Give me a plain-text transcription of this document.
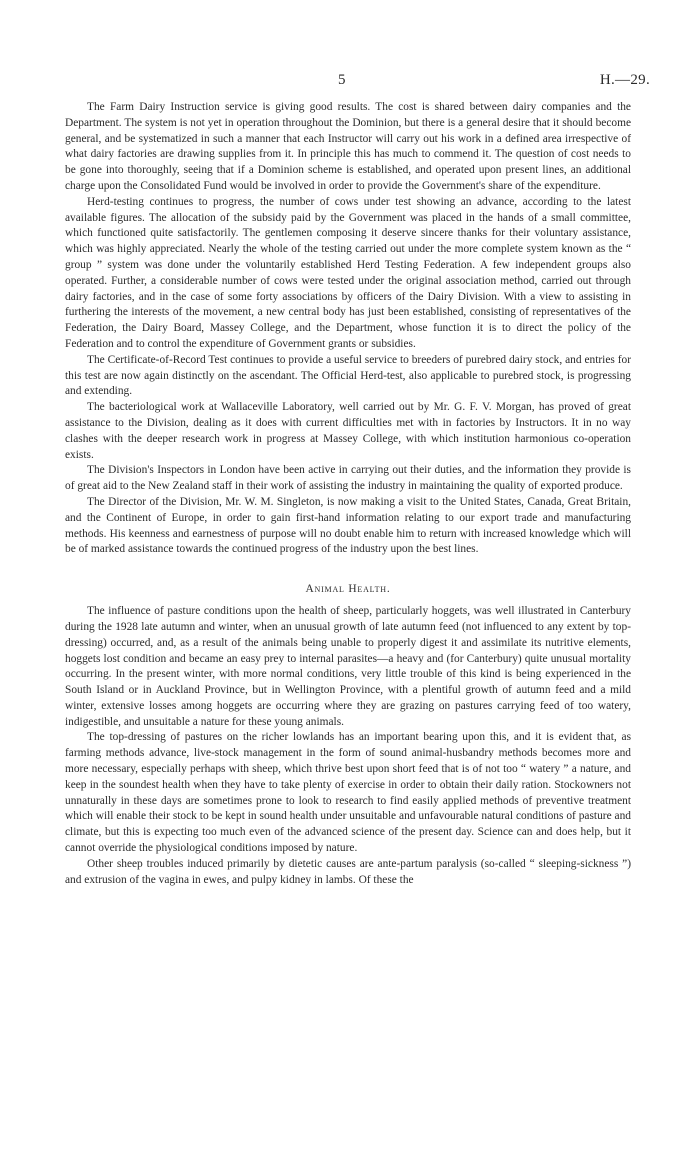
5	H.—29.

The Farm Dairy Instruction service is giving good results. The cost is shared between dairy companies and the Department. The system is not yet in operation throughout the Dominion, but there is a general desire that it should become general, and be systematized in such a manner that each Instructor will carry out his work in a defined area irrespective of what dairy factories are drawing supplies from it. In principle this has much to commend it. The question of cost needs to be gone into thoroughly, seeing that if a Dominion scheme is established, and operated upon present lines, an additional charge upon the Consolidated Fund would be involved in order to provide the Government's share of the expenditure.

Herd-testing continues to progress, the number of cows under test showing an advance, according to the latest available figures. The allocation of the subsidy paid by the Government was placed in the hands of a small committee, which functioned quite satisfactorily. The gentlemen composing it deserve sincere thanks for their voluntary assistance, which was highly appreciated. Nearly the whole of the testing carried out under the more complete system known as the “ group ” system was done under the voluntarily established Herd Testing Federation. A few independent groups also operated. Further, a considerable number of cows were tested under the original association method, carried out through dairy factories, and in the case of some forty associations by officers of the Dairy Division. With a view to assisting in furthering the interests of the movement, a new central body has just been established, consisting of representatives of the Federation, the Dairy Board, Massey College, and the Department, whose function it is to direct the policy of the Federation and to control the expenditure of Government grants or subsidies.

The Certificate-of-Record Test continues to provide a useful service to breeders of purebred dairy stock, and entries for this test are now again distinctly on the ascendant. The Official Herd-test, also applicable to purebred stock, is progressing and extending.

The bacteriological work at Wallaceville Laboratory, well carried out by Mr. G. F. V. Morgan, has proved of great assistance to the Division, dealing as it does with current difficulties met with in factories by Instructors. It in no way clashes with the deeper research work in progress at Massey College, with which institution harmonious co-operation exists.

The Division's Inspectors in London have been active in carrying out their duties, and the information they provide is of great aid to the New Zealand staff in their work of assisting the industry in maintaining the quality of exported produce.

The Director of the Division, Mr. W. M. Singleton, is now making a visit to the United States, Canada, Great Britain, and the Continent of Europe, in order to gain first-hand information relating to our export trade and manufacturing methods. His keenness and earnestness of purpose will no doubt enable him to return with increased knowledge which will be of marked assistance towards the continued progress of the industry upon the best lines.

Animal Health.

The influence of pasture conditions upon the health of sheep, particularly hoggets, was well illustrated in Canterbury during the 1928 late autumn and winter, when an unusual growth of late autumn feed (not influenced to any extent by top-dressing) occurred, and, as a result of the animals being unable to properly digest it and assimilate its nutritive elements, hoggets lost condition and became an easy prey to internal parasites—a heavy and (for Canterbury) quite unusual mortality occurring. In the present winter, with more normal conditions, very little trouble of this kind is being experienced in the South Island or in Auckland Province, but in Wellington Province, with a plentiful growth of autumn feed and a mild winter, extensive losses among hoggets are occurring where they are grazing on pastures carrying feed of too watery, indigestible, and unsuitable a nature for these young animals.

The top-dressing of pastures on the richer lowlands has an important bearing upon this, and it is evident that, as farming methods advance, live-stock management in the form of sound animal-husbandry methods becomes more and more necessary, especially perhaps with sheep, which thrive best upon short feed that is of not too “ watery ” a nature, and keep in the soundest health when they have to take plenty of exercise in order to obtain their daily ration. Stockowners not unnaturally in these days are sometimes prone to look to research to find easily applied methods of preventive treatment which will enable their stock to be kept in sound health under unsuitable and unfavourable natural conditions of pasture and climate, but this is expecting too much even of the advanced science of the present day. Science can and does help, but it cannot override the physiological conditions imposed by nature.

Other sheep troubles induced primarily by dietetic causes are ante-partum paralysis (so-called “ sleeping-sickness ”) and extrusion of the vagina in ewes, and pulpy kidney in lambs. Of these the
